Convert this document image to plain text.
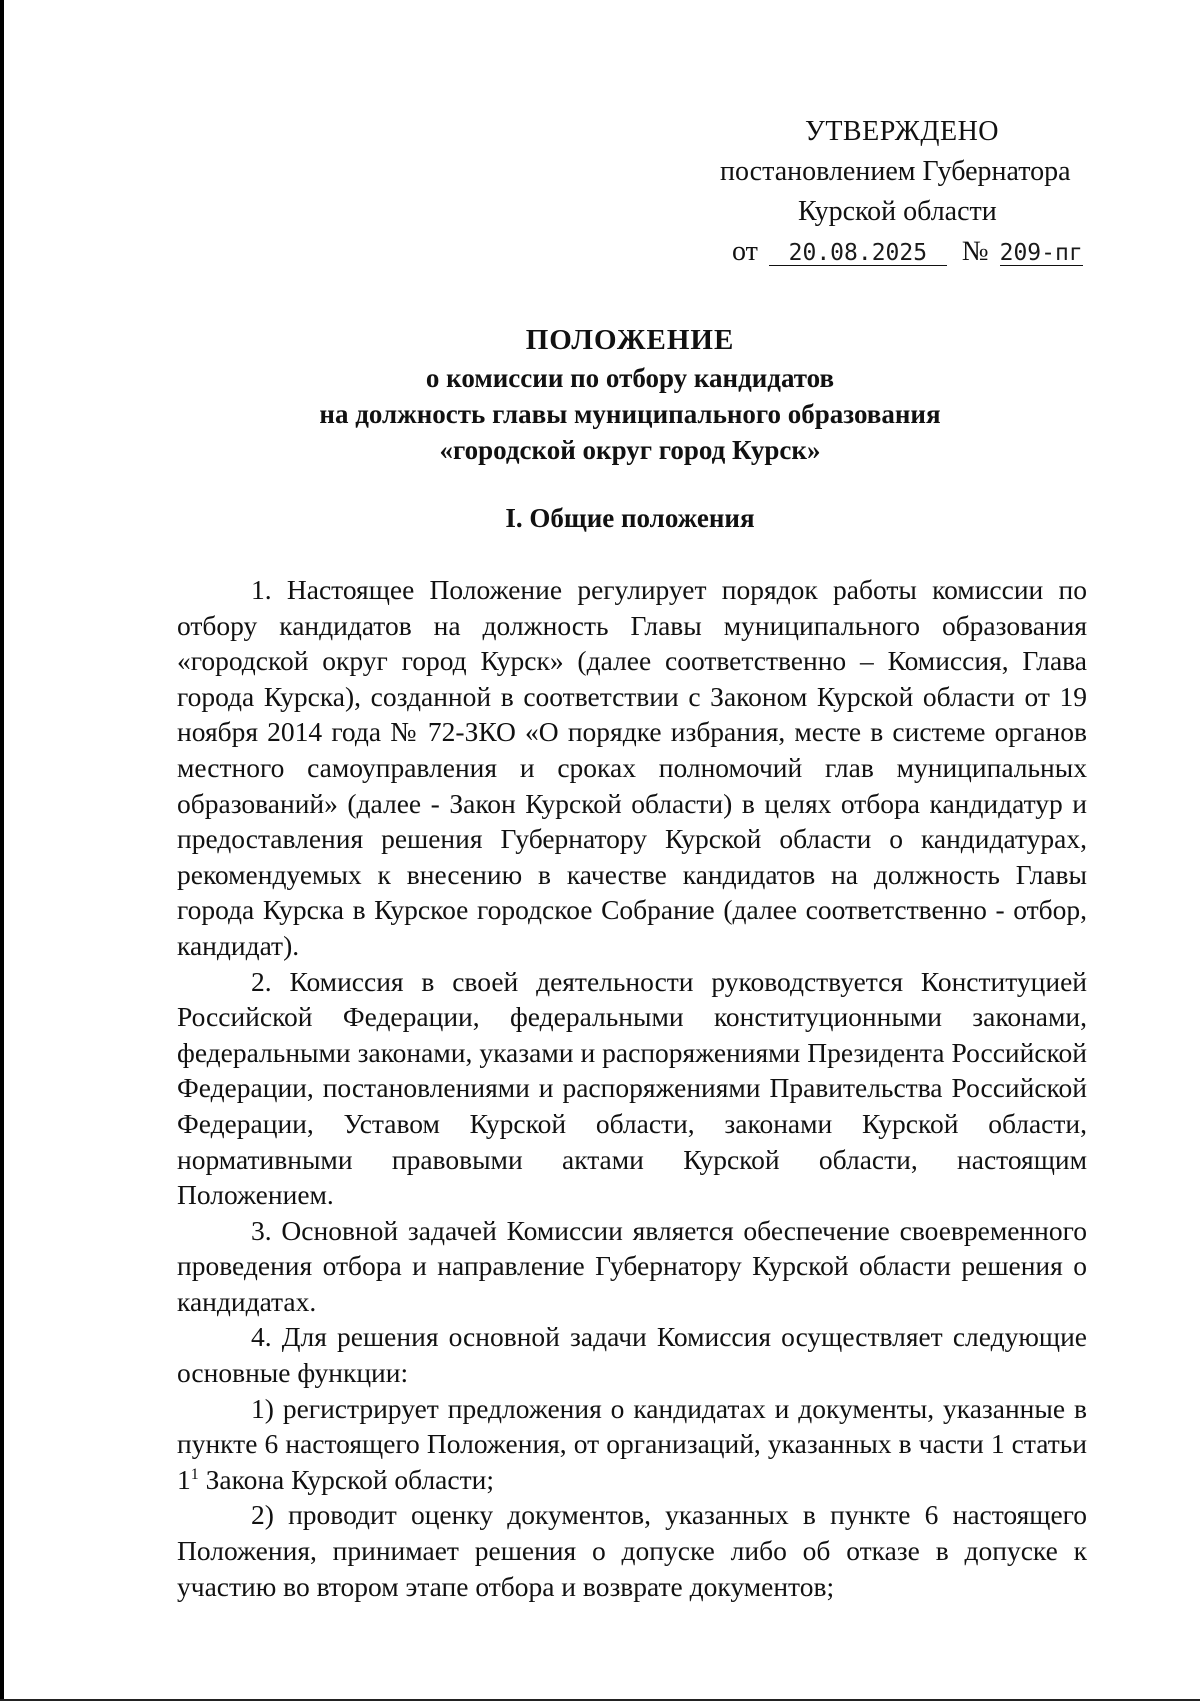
УТВЕРЖДЕНО
постановлением Губернатора
Курской области
от 20.08.2025 № 209-пг
ПОЛОЖЕНИЕ
о комиссии по отбору кандидатов
на должность главы муниципального образования
«городской округ город Курск»
I. Общие положения

1. Настоящее Положение регулирует порядок работы комиссии по отбору кандидатов на должность Главы муниципального образования «городской округ город Курск» (далее соответственно – Комиссия, Глава города Курска), созданной в соответствии с Законом Курской области от 19 ноября 2014 года № 72-ЗКО «О порядке избрания, месте в системе органов местного самоуправления и сроках полномочий глав муниципальных образований» (далее - Закон Курской области) в целях отбора кандидатур и предоставления решения Губернатору Курской области о кандидатурах, рекомендуемых к внесению в качестве кандидатов на должность Главы города Курска в Курское городское Собрание (далее соответственно - отбор, кандидат).

2. Комиссия в своей деятельности руководствуется Конституцией Российской Федерации, федеральными конституционными законами, федеральными законами, указами и распоряжениями Президента Российской Федерации, постановлениями и распоряжениями Правительства Российской Федерации, Уставом Курской области, законами Курской области, нормативными правовыми актами Курской области, настоящим Положением.

3. Основной задачей Комиссии является обеспечение своевременного проведения отбора и направление Губернатору Курской области решения о кандидатах.

4. Для решения основной задачи Комиссия осуществляет следующие основные функции:

1) регистрирует предложения о кандидатах и документы, указанные в пункте 6 настоящего Положения, от организаций, указанных в части 1 статьи $1^1$ Закона Курской области;

2) проводит оценку документов, указанных в пункте 6 настоящего Положения, принимает решения о допуске либо об отказе в допуске к участию во втором этапе отбора и возврате документов;
